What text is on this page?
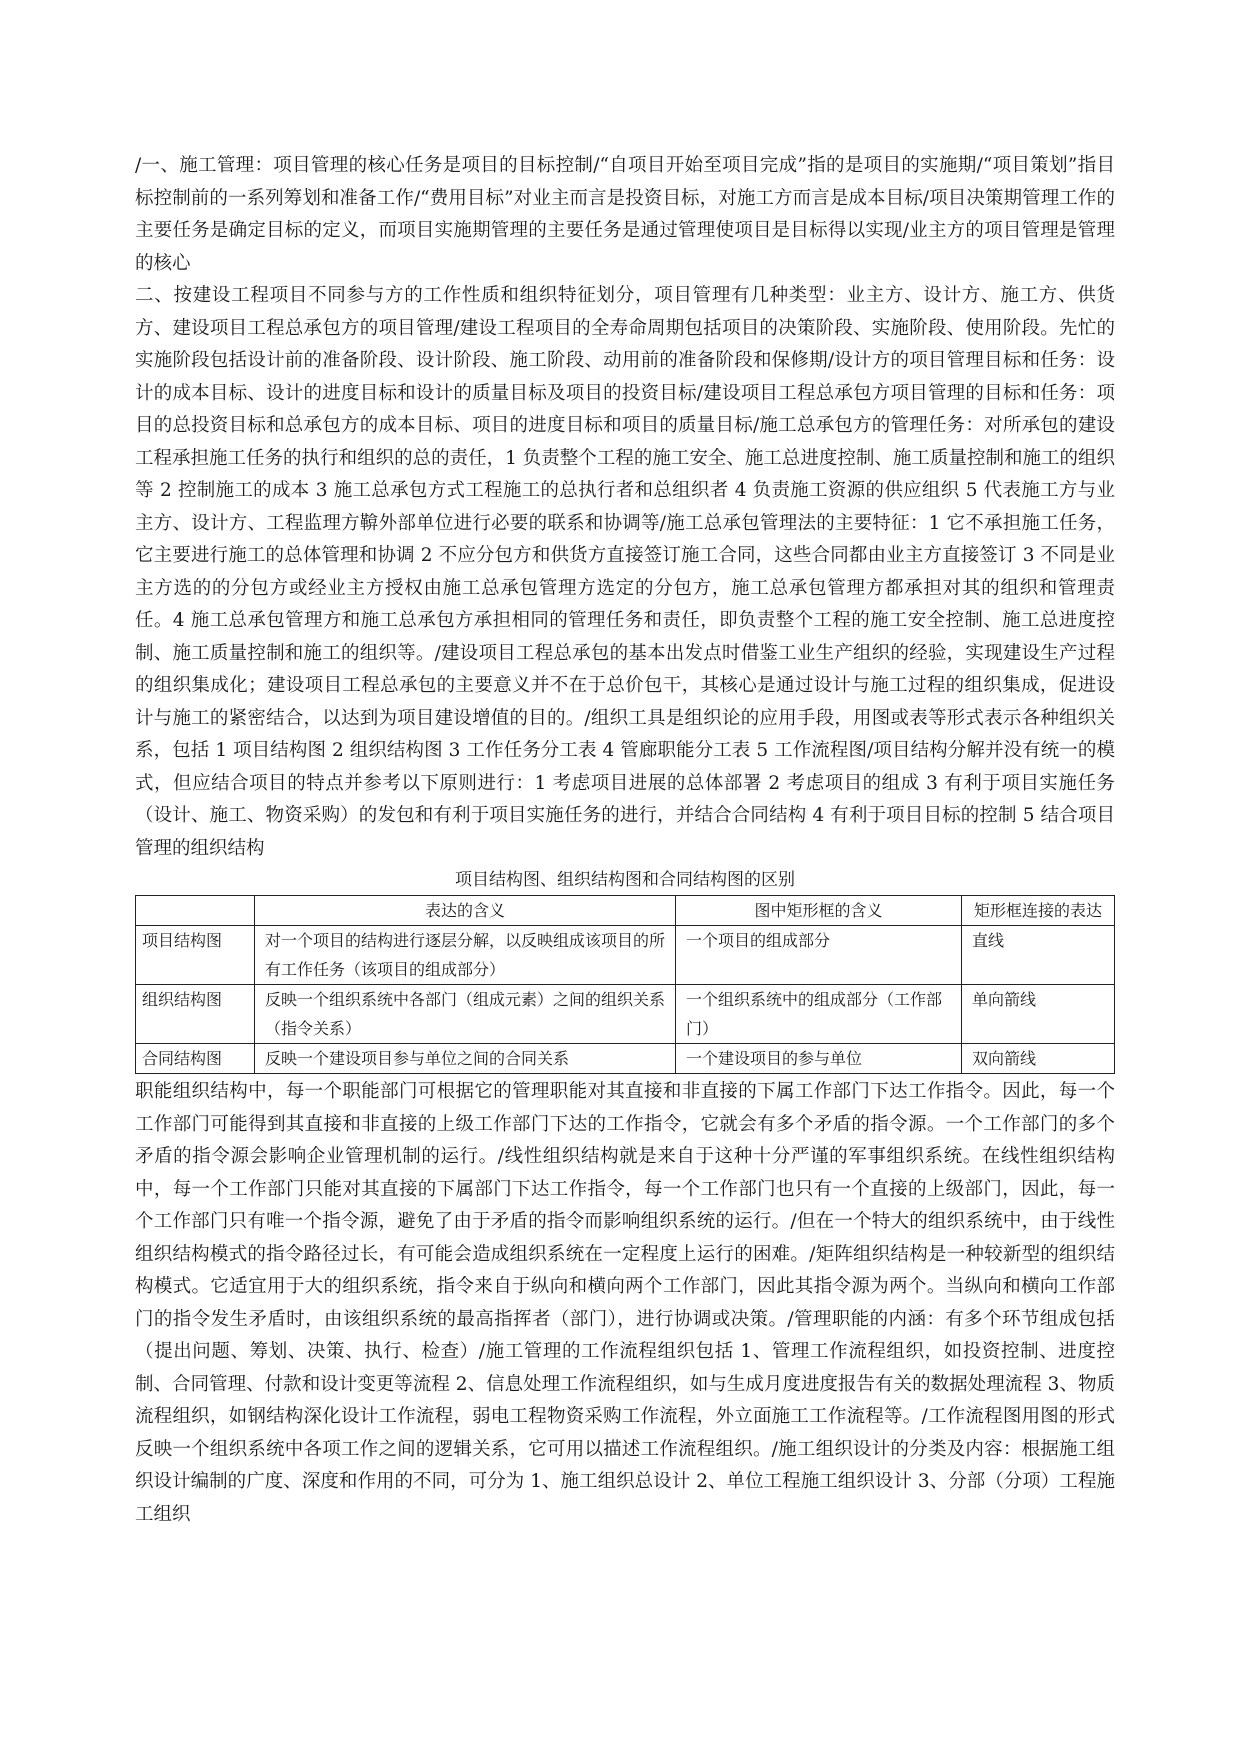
/一、施工管理：项目管理的核心任务是项目的目标控制/“自项目开始至项目完成”指的是项目的实施期/“项目策划”指目标控制前的一系列筹划和准备工作/“费用目标”对业主而言是投资目标，对施工方而言是成本目标/项目决策期管理工作的主要任务是确定目标的定义，而项目实施期管理的主要任务是通过管理使项目是目标得以实现/业主方的项目管理是管理的核心

二、按建设工程项目不同参与方的工作性质和组织特征划分，项目管理有几种类型：业主方、设计方、施工方、供货方、建设项目工程总承包方的项目管理/建设工程项目的全寿命周期包括项目的决策阶段、实施阶段、使用阶段。先忙的实施阶段包括设计前的准备阶段、设计阶段、施工阶段、动用前的准备阶段和保修期/设计方的项目管理目标和任务：设计的成本目标、设计的进度目标和设计的质量目标及项目的投资目标/建设项目工程总承包方项目管理的目标和任务：项目的总投资目标和总承包方的成本目标、项目的进度目标和项目的质量目标/施工总承包方的管理任务：对所承包的建设工程承担施工任务的执行和组织的总的责任，1 负责整个工程的施工安全、施工总进度控制、施工质量控制和施工的组织等 2 控制施工的成本 3 施工总承包方式工程施工的总执行者和总组织者 4 负责施工资源的供应组织 5 代表施工方与业主方、设计方、工程监理方鞥外部单位进行必要的联系和协调等/施工总承包管理法的主要特征：1 它不承担施工任务，它主要进行施工的总体管理和协调 2 不应分包方和供货方直接签订施工合同，这些合同都由业主方直接签订 3 不同是业主方选的的分包方或经业主方授权由施工总承包管理方选定的分包方，施工总承包管理方都承担对其的组织和管理责任。4 施工总承包管理方和施工总承包方承担相同的管理任务和责任，即负责整个工程的施工安全控制、施工总进度控制、施工质量控制和施工的组织等。/建设项目工程总承包的基本出发点时借鉴工业生产组织的经验，实现建设生产过程的组织集成化；建设项目工程总承包的主要意义并不在于总价包干，其核心是通过设计与施工过程的组织集成，促进设计与施工的紧密结合，以达到为项目建设增值的目的。/组织工具是组织论的应用手段，用图或表等形式表示各种组织关系，包括 1 项目结构图 2 组织结构图 3 工作任务分工表 4 管廊职能分工表 5 工作流程图/项目结构分解并没有统一的模式，但应结合项目的特点并参考以下原则进行：1 考虑项目进展的总体部署 2 考虑项目的组成 3 有利于项目实施任务（设计、施工、物资采购）的发包和有利于项目实施任务的进行，并结合合同结构 4 有利于项目目标的控制 5 结合项目管理的组织结构

项目结构图、组织结构图和合同结构图的区别
	表达的含义	图中矩形框的含义	矩形框连接的表达
项目结构图	对一个项目的结构进行逐层分解，以反映组成该项目的所有工作任务（该项目的组成部分）	一个项目的组成部分	直线
组织结构图	反映一个组织系统中各部门（组成元素）之间的组织关系（指令关系）	一个组织系统中的组成部分（工作部门）	单向箭线
合同结构图	反映一个建设项目参与单位之间的合同关系	一个建设项目的参与单位	双向箭线

职能组织结构中，每一个职能部门可根据它的管理职能对其直接和非直接的下属工作部门下达工作指令。因此，每一个工作部门可能得到其直接和非直接的上级工作部门下达的工作指令，它就会有多个矛盾的指令源。一个工作部门的多个矛盾的指令源会影响企业管理机制的运行。/线性组织结构就是来自于这种十分严谨的军事组织系统。在线性组织结构中，每一个工作部门只能对其直接的下属部门下达工作指令，每一个工作部门也只有一个直接的上级部门，因此，每一个工作部门只有唯一个指令源，避免了由于矛盾的指令而影响组织系统的运行。/但在一个特大的组织系统中，由于线性组织结构模式的指令路径过长，有可能会造成组织系统在一定程度上运行的困难。/矩阵组织结构是一种较新型的组织结构模式。它适宜用于大的组织系统，指令来自于纵向和横向两个工作部门，因此其指令源为两个。当纵向和横向工作部门的指令发生矛盾时，由该组织系统的最高指挥者（部门），进行协调或决策。/管理职能的内涵：有多个环节组成包括（提出问题、筹划、决策、执行、检查）/施工管理的工作流程组织包括 1、管理工作流程组织，如投资控制、进度控制、合同管理、付款和设计变更等流程 2、信息处理工作流程组织，如与生成月度进度报告有关的数据处理流程 3、物质流程组织，如钢结构深化设计工作流程，弱电工程物资采购工作流程，外立面施工工作流程等。/工作流程图用图的形式反映一个组织系统中各项工作之间的逻辑关系，它可用以描述工作流程组织。/施工组织设计的分类及内容：根据施工组织设计编制的广度、深度和作用的不同，可分为 1、施工组织总设计 2、单位工程施工组织设计 3、分部（分项）工程施工组织
